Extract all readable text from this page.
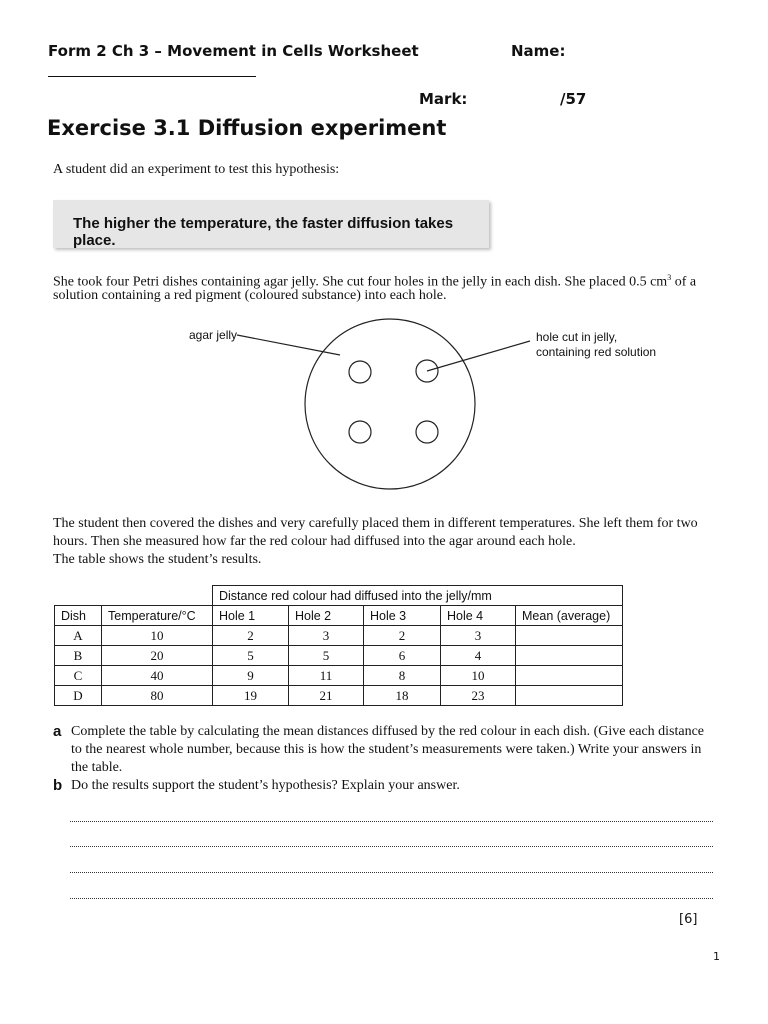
Form 2 Ch 3 – Movement in Cells Worksheet	Name:
Mark:	/57
Exercise 3.1 Diffusion experiment
A student did an experiment to test this hypothesis:
The higher the temperature, the faster diffusion takes place.
She took four Petri dishes containing agar jelly. She cut four holes in the jelly in each dish. She placed 0.5 $cm^3$ of a
solution containing a red pigment (coloured substance) into each hole.
agar jelly	hole cut in jelly,
containing red solution
The student then covered the dishes and very carefully placed them in different temperatures. She left them for two
hours. Then she measured how far the red colour had diffused into the agar around each hole.
The table shows the student’s results.
		Distance red colour had diffused into the jelly/mm				
Dish	Temperature/°C	Hole 1	Hole 2	Hole 3	Hole 4	Mean (average)
A	10	2	3	2	3	
B	20	5	5	6	4	
C	40	9	11	8	10	
D	80	19	21	18	23	
a Complete the table by calculating the mean distances diffused by the red colour in each dish. (Give each distance
to the nearest whole number, because this is how the student’s measurements were taken.) Write your answers in
the table.
b Do the results support the student’s hypothesis? Explain your answer.
[6]
1
